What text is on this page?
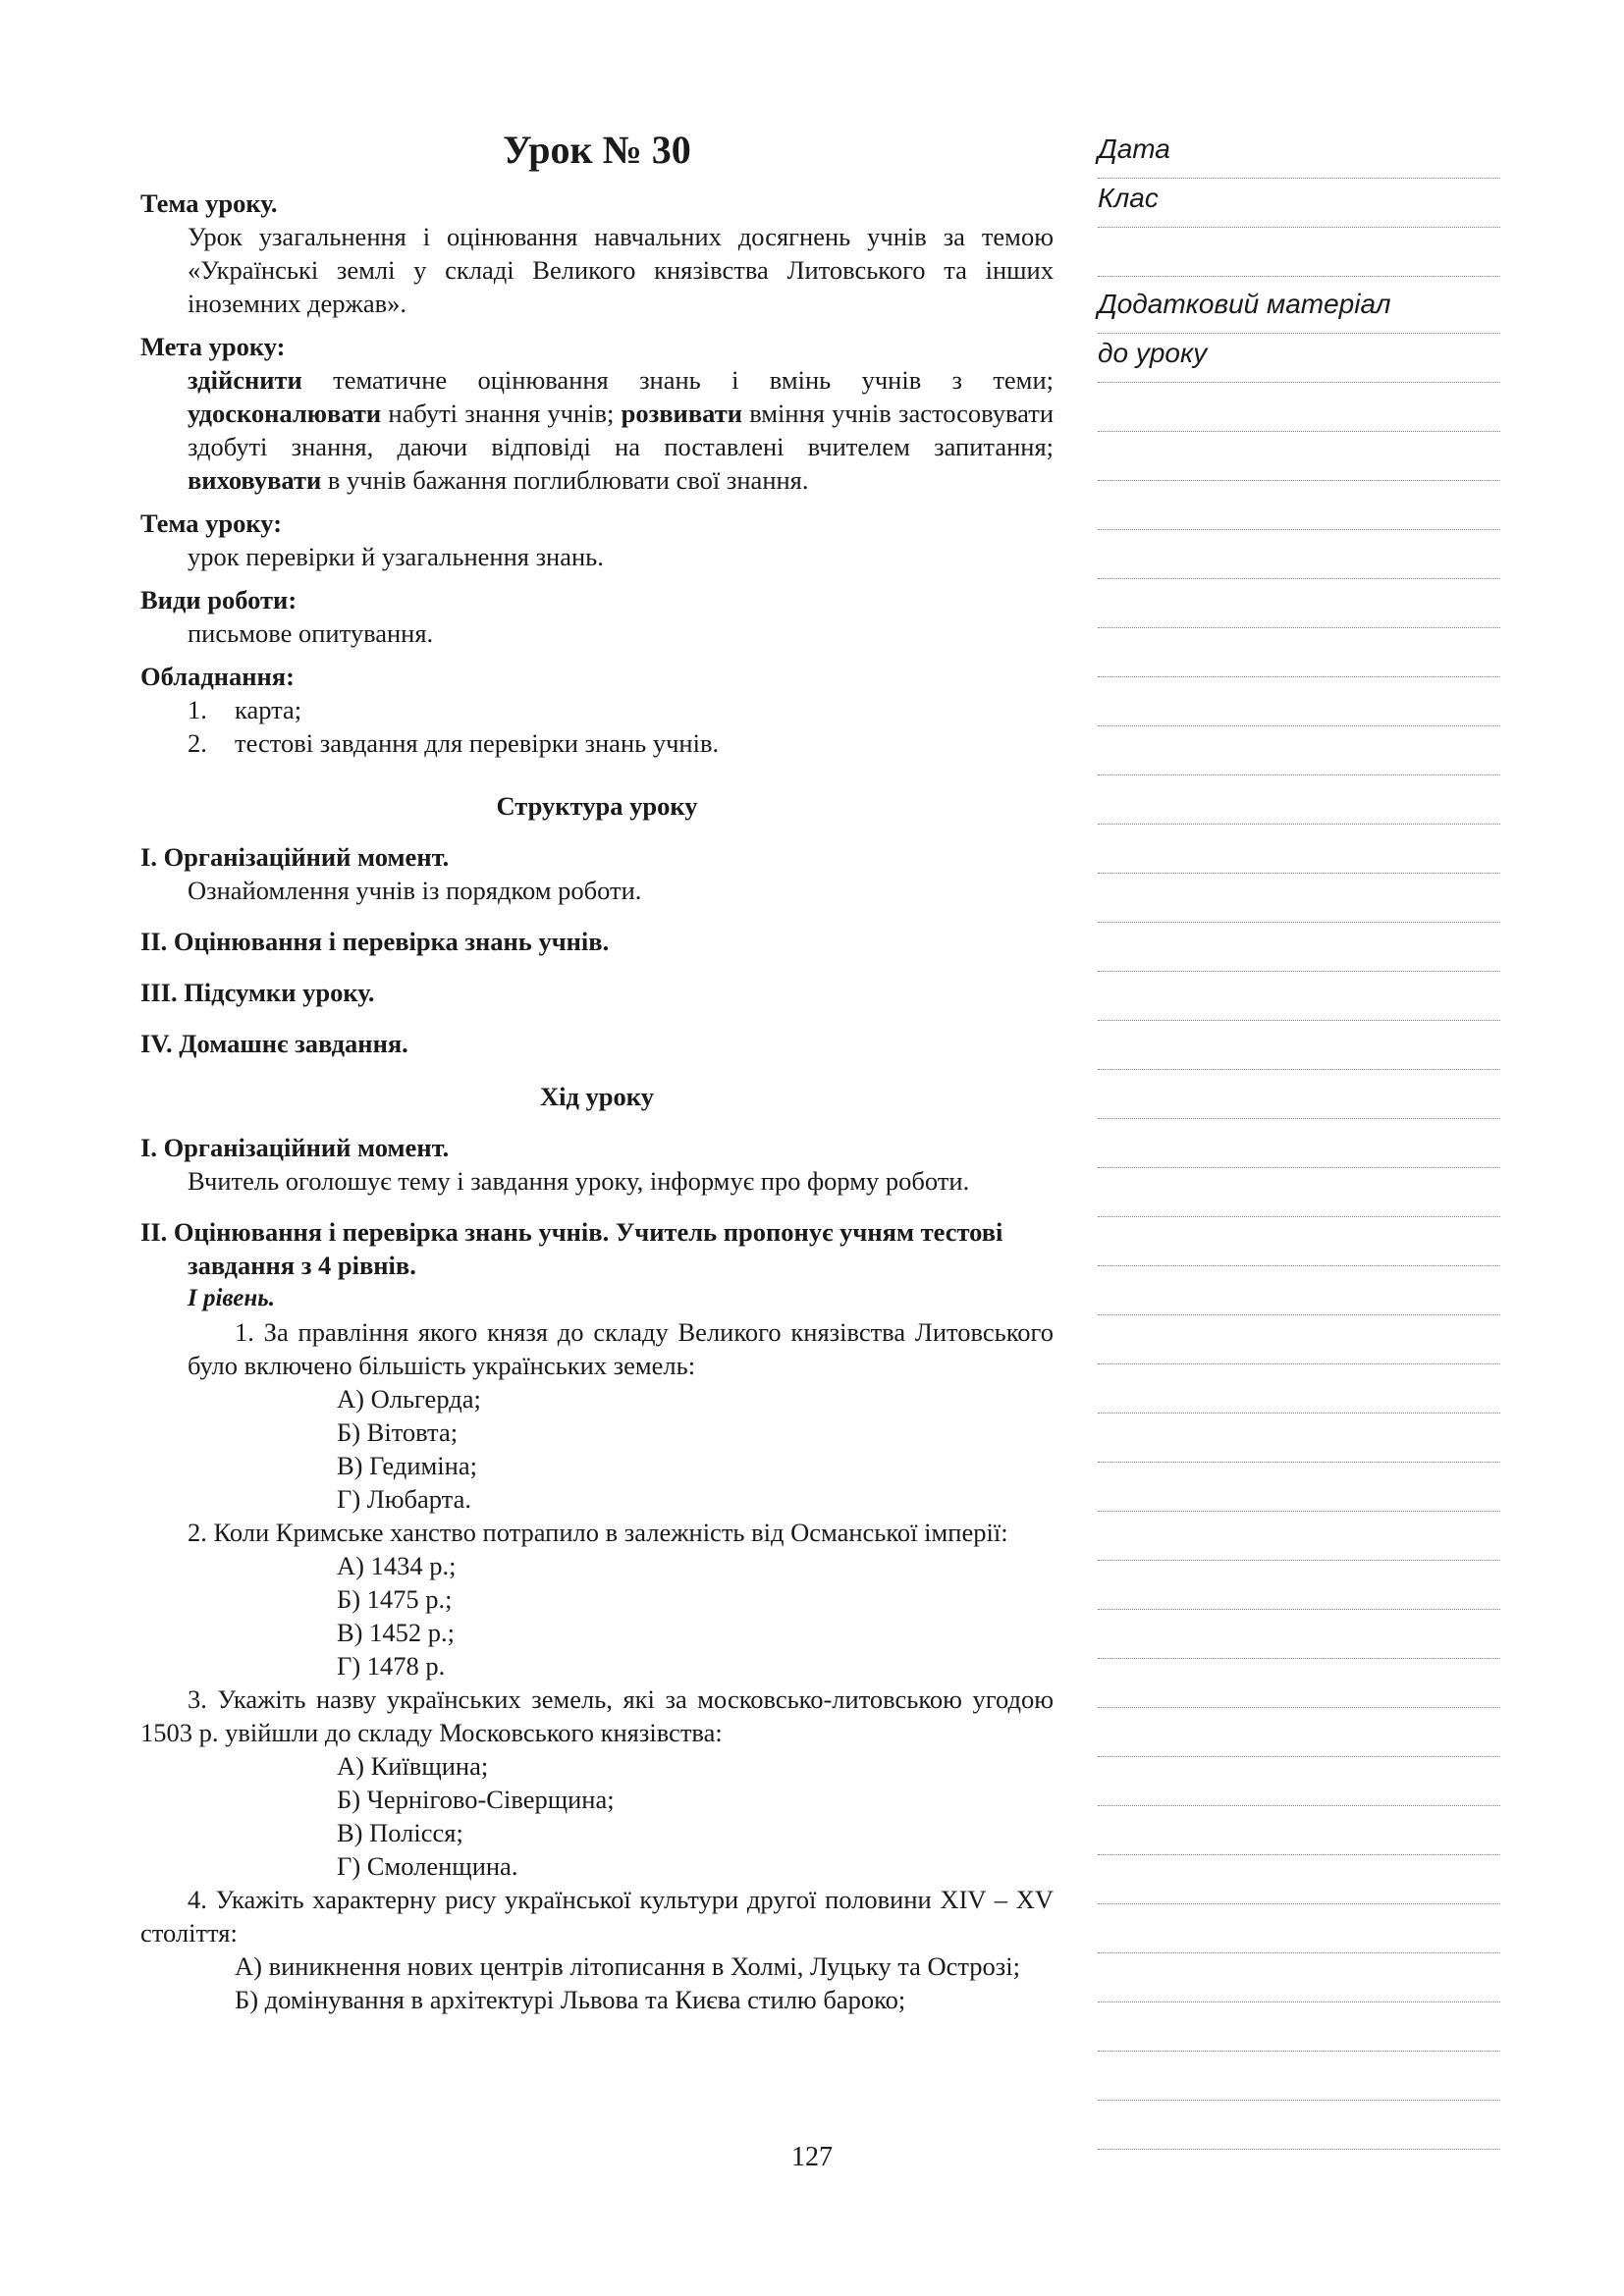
Урок № 30
Тема уроку.
Урок узагальнення і оцінювання навчальних досягнень учнів за темою «Українські землі у складі Великого князівства Литовського та інших іноземних держав».
Мета уроку:
здійснити тематичне оцінювання знань і вмінь учнів з теми; удосконалювати набуті знання учнів; розвивати вміння учнів застосовувати здобуті знання, даючи відповіді на поставлені вчителем запитання; виховувати в учнів бажання поглиблювати свої знання.
Тема уроку:
урок перевірки й узагальнення знань.
Види роботи:
письмове опитування.
Обладнання:
1. карта;
2. тестові завдання для перевірки знань учнів.
Структура уроку
I. Організаційний момент.
Ознайомлення учнів із порядком роботи.
II. Оцінювання і перевірка знань учнів.
III. Підсумки уроку.
IV. Домашнє завдання.
Хід уроку
I. Організаційний момент.
Вчитель оголошує тему і завдання уроку, інформує про форму роботи.
II. Оцінювання і перевірка знань учнів. Учитель пропонує учням тестові завдання з 4 рівнів.
I рівень.
1. За правління якого князя до складу Великого князівства Литовського було включено більшість українських земель:
А) Ольгерда;
Б) Вітовта;
В) Гедиміна;
Г) Любарта.
2. Коли Кримське ханство потрапило в залежність від Османської імперії:
А) 1434 р.;
Б) 1475 р.;
В) 1452 р.;
Г) 1478 р.
3. Укажіть назву українських земель, які за московсько-литовською угодою 1503 р. увійшли до складу Московського князівства:
А) Київщина;
Б) Чернігово-Сіверщина;
В) Полісся;
Г) Смоленщина.
4. Укажіть характерну рису української культури другої половини XIV – XV століття:
А) виникнення нових центрів літописання в Холмі, Луцьку та Острозі;
Б) домінування в архітектурі Львова та Києва стилю бароко;
127
Дата
Клас
Додатковий матеріал
до уроку
